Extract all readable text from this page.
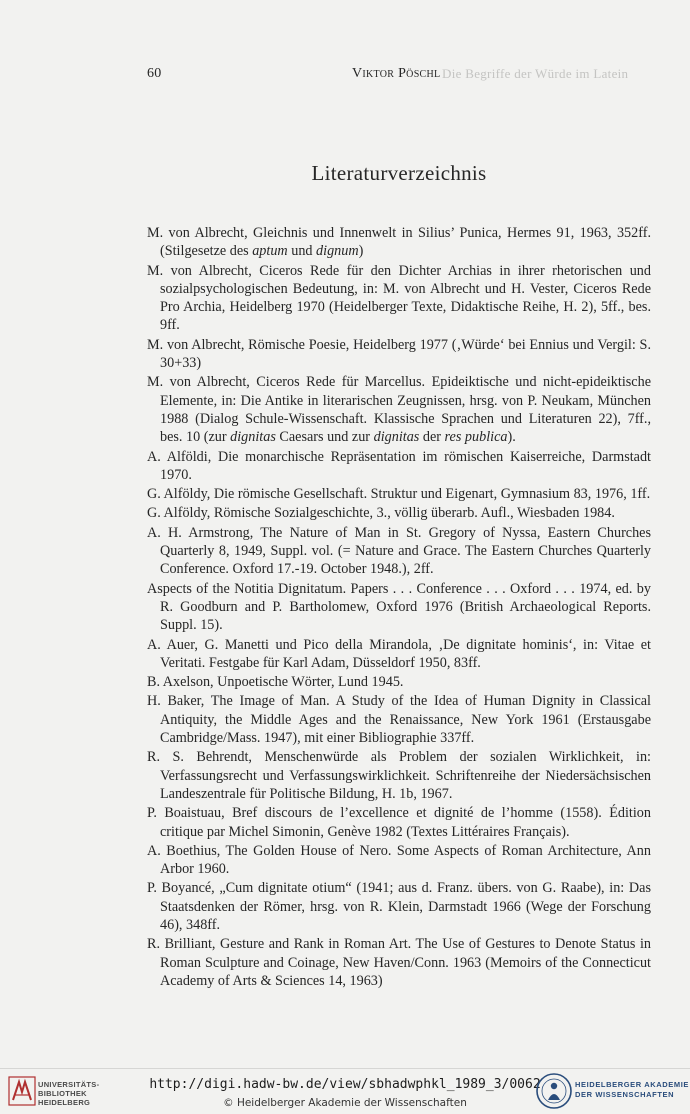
Die Begriffe der Würde im Latein
60	Viktor Pöschl
Literaturverzeichnis
M. von Albrecht, Gleichnis und Innenwelt in Silius’ Punica, Hermes 91, 1963, 352ff. (Stilgesetze des aptum und dignum)
M. von Albrecht, Ciceros Rede für den Dichter Archias in ihrer rhetorischen und sozialpsychologischen Bedeutung, in: M. von Albrecht und H. Vester, Ciceros Rede Pro Archia, Heidelberg 1970 (Heidelberger Texte, Didaktische Reihe, H. 2), 5ff., bes. 9ff.
M. von Albrecht, Römische Poesie, Heidelberg 1977 (‚Würde‘ bei Ennius und Vergil: S. 30+33)
M. von Albrecht, Ciceros Rede für Marcellus. Epideiktische und nicht-epideiktische Elemente, in: Die Antike in literarischen Zeugnissen, hrsg. von P. Neukam, München 1988 (Dialog Schule-Wissenschaft. Klassische Sprachen und Literaturen 22), 7ff., bes. 10 (zur dignitas Caesars und zur dignitas der res publica).
A. Alföldi, Die monarchische Repräsentation im römischen Kaiserreiche, Darmstadt 1970.
G. Alföldy, Die römische Gesellschaft. Struktur und Eigenart, Gymnasium 83, 1976, 1ff.
G. Alföldy, Römische Sozialgeschichte, 3., völlig überarb. Aufl., Wiesbaden 1984.
A. H. Armstrong, The Nature of Man in St. Gregory of Nyssa, Eastern Churches Quarterly 8, 1949, Suppl. vol. (= Nature and Grace. The Eastern Churches Quarterly Conference. Oxford 17.-19. October 1948.), 2ff.
Aspects of the Notitia Dignitatum. Papers . . . Conference . . . Oxford . . . 1974, ed. by R. Goodburn and P. Bartholomew, Oxford 1976 (British Archaeological Reports. Suppl. 15).
A. Auer, G. Manetti und Pico della Mirandola, ‚De dignitate hominis‘, in: Vitae et Veritati. Festgabe für Karl Adam, Düsseldorf 1950, 83ff.
B. Axelson, Unpoetische Wörter, Lund 1945.
H. Baker, The Image of Man. A Study of the Idea of Human Dignity in Classical Antiquity, the Middle Ages and the Renaissance, New York 1961 (Erstausgabe Cambridge/Mass. 1947), mit einer Bibliographie 337ff.
R. S. Behrendt, Menschenwürde als Problem der sozialen Wirklichkeit, in: Verfassungsrecht und Verfassungswirklichkeit. Schriftenreihe der Niedersächsischen Landeszentrale für Politische Bildung, H. 1b, 1967.
P. Boaistuau, Bref discours de l’excellence et dignité de l’homme (1558). Édition critique par Michel Simonin, Genève 1982 (Textes Littéraires Français).
A. Boethius, The Golden House of Nero. Some Aspects of Roman Architecture, Ann Arbor 1960.
P. Boyancé, „Cum dignitate otium“ (1941; aus d. Franz. übers. von G. Raabe), in: Das Staatsdenken der Römer, hrsg. von R. Klein, Darmstadt 1966 (Wege der Forschung 46), 348ff.
R. Brilliant, Gesture and Rank in Roman Art. The Use of Gestures to Denote Status in Roman Sculpture and Coinage, New Haven/Conn. 1963 (Memoirs of the Connecticut Academy of Arts & Sciences 14, 1963)
UNIVERSITÄTS-
BIBLIOTHEK
HEIDELBERG
http://digi.hadw-bw.de/view/sbhadwphkl_1989_3/0062
© Heidelberger Akademie der Wissenschaften
HEIDELBERGER AKADEMIE
DER WISSENSCHAFTEN
